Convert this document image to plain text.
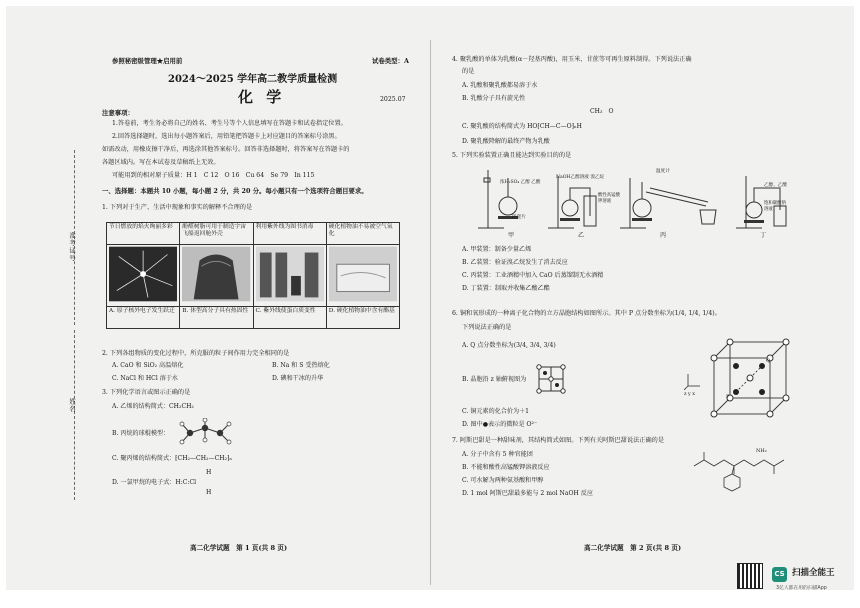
准考证号
姓名
参照秘密级管理★启用前	试卷类型：A
2024～2025 学年高二教学质量检测
化 学	2025.07
注意事项：
1.答卷前，考生务必将自己的姓名、考生号等个人信息填写在答题卡和试卷指定位置。
2.回答选择题时，选出每小题答案后，用铅笔把答题卡上对应题目的答案标号涂黑。
如需改动，用橡皮擦干净后，再选涂其他答案标号。回答非选择题时，将答案写在答题卡的
各题区域内。写在本试卷及草稿纸上无效。
可能用到的相对原子质量：H 1　C 12　O 16　Cu 64　Se 79　In 115
一、选择题：本题共 10 小题，每小题 2 分，共 20 分。每小题只有一个选项符合题目要求。
1. 下列对于生产、生活中现象和事实的解释不合理的是
节日燃放的焰火绚丽多彩	酚醛树脂可用于制造宇宙飞船返回舱外壳	利用紫外线为图书消毒	硬化植物油不易被空气氧化

A. 原子核外电子发生跃迁	B. 体型高分子具有热固性	C. 紫外线使蛋白质变性	D. 硬化植物油中含有酯基
2. 下列各组物质的变化过程中，所克服的粒子间作用力完全相同的是
A. CaO 和 SiO₂ 高温熔化	B. Na 和 S 受热熔化
C. NaCl 和 HCl 溶于水	D. 碘和干冰的升华
3. 下列化学语言或图示正确的是
A. 乙烯的结构简式：CH₂CH₂
B. 丙烷的球棍模型：
C. 聚丙烯的结构简式：⁅CH₂—CH₂—CH₂⁆ₙ
H
D. 一氯甲烷的电子式：H:C:Cl
H
高二化学试题　第 1 页(共 8 页)
4. 聚乳酸的单体为乳酸(α－羟基丙酸)，用玉米、甘蔗等可再生原料制得。下列说法正确
的是
A. 乳酸和聚乳酸都易溶于水
B. 乳酸分子具有旋光性
CH₃　O
C. 聚乳酸的结构简式为 HO⁅CH—C—O⁆ₙH
D. 聚乳酸降解的最终产物为乳酸
5. 下列实验装置正确且能达到实验目的的是
浓H₂SO₄ 乙醇 乙酸
碎瓷片
NaOH乙醇溶液 溴乙烷
酸性高锰酸钾溶液
温度计
乙醇、乙酸
饱和碳酸钠溶液
甲	乙	丙	丁
A. 甲装置：制备少量乙烯
B. 乙装置：验证溴乙烷发生了消去反应
C. 丙装置：工业酒精中加入 CaO 后蒸馏制无水酒精
D. 丁装置：制取并收集乙酸乙酯
6. 铜和氧形成的一种离子化合物的立方晶胞结构如图所示。其中 P 点分数坐标为(1/4, 1/4, 1/4)。
下列说法正确的是
A. Q 点分数坐标为(3/4, 3/4, 3/4)
B. 晶胞沿 z 轴俯视图为
C. 铜元素的化合价为＋1
D. 图中●表示的微粒是 O²⁻
P
Q
z y x
7. 阿斯巴甜是一种甜味剂，其结构简式如图。下列有关阿斯巴甜说法正确的是
A. 分子中含有 5 种官能团
B. 不能和酸性高锰酸钾溶液反应
C. 可水解为两种氨基酸和甲醇
D. 1 mol 阿斯巴甜最多能与 2 mol NaOH 反应
NH₂
高二化学试题　第 2 页(共 8 页)
CS 扫描全能王
3亿人都在用的扫描App
